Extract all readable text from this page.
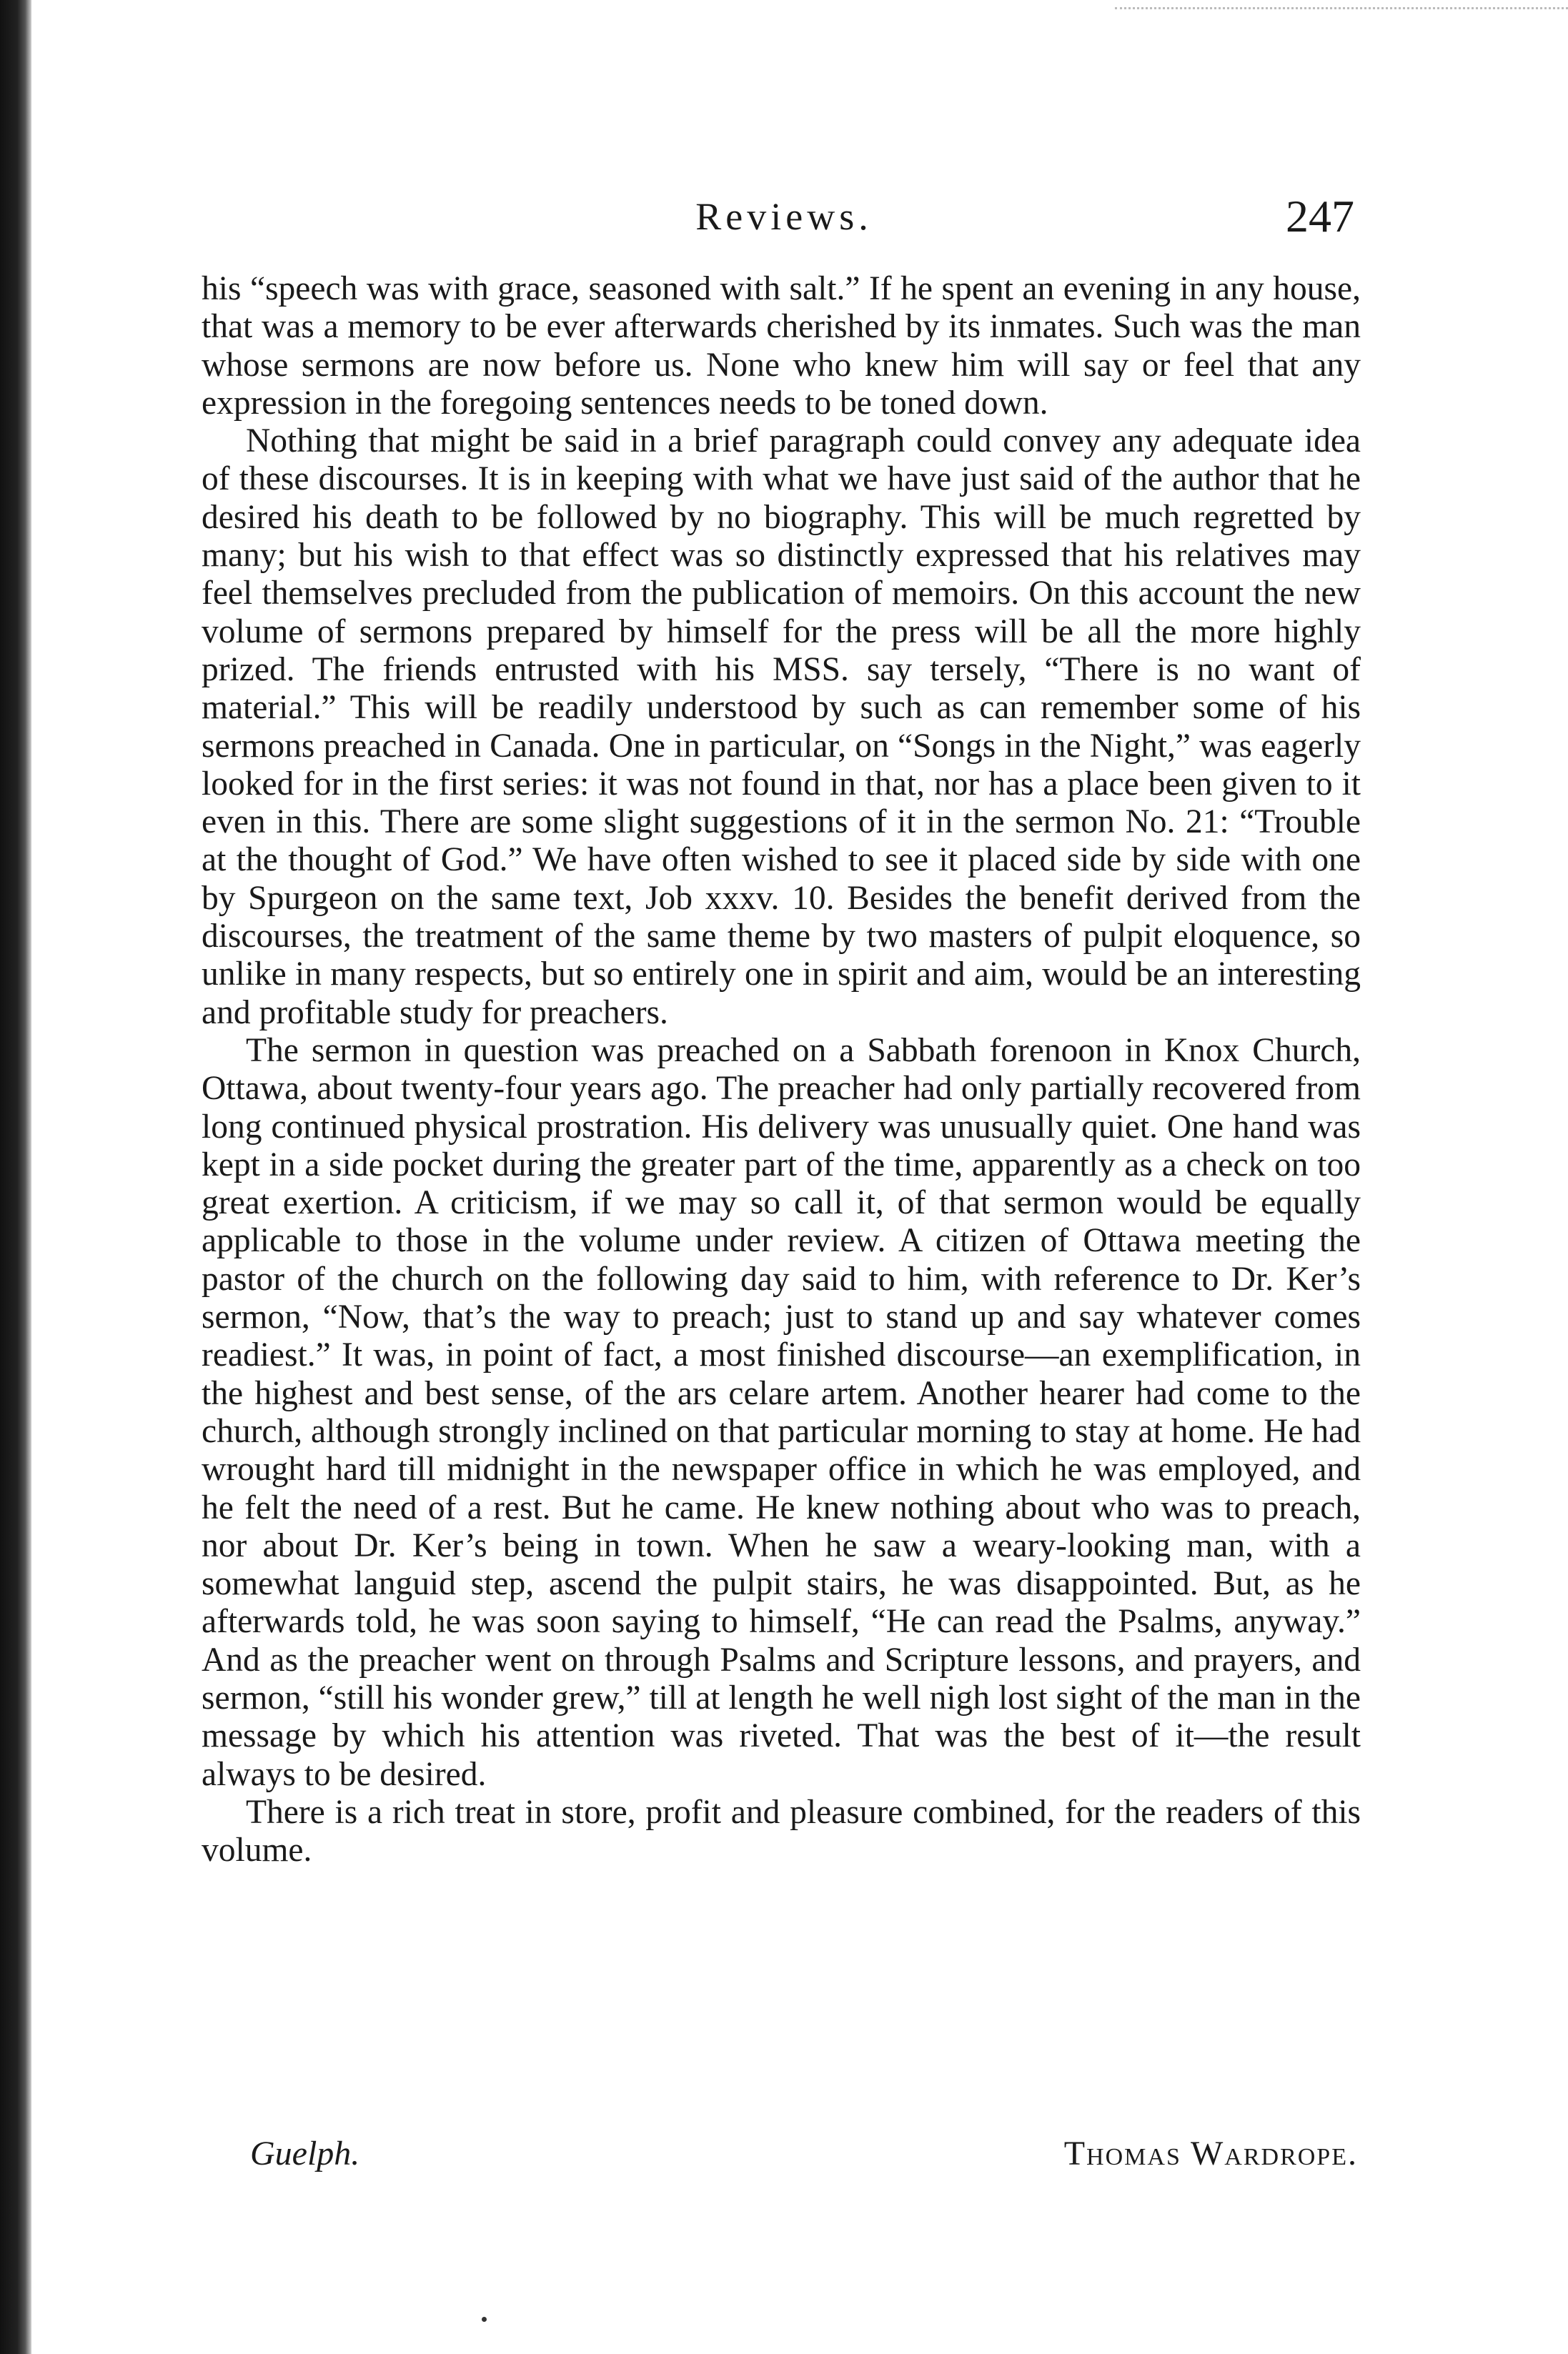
Reviews.	247

his “speech was with grace, seasoned with salt.” If he spent an evening in any house, that was a memory to be ever afterwards cherished by its inmates. Such was the man whose sermons are now before us. None who knew him will say or feel that any expression in the foregoing sentences needs to be toned down.

Nothing that might be said in a brief paragraph could convey any adequate idea of these discourses. It is in keeping with what we have just said of the author that he desired his death to be followed by no biography. This will be much regretted by many; but his wish to that effect was so distinctly expressed that his relatives may feel themselves precluded from the publication of memoirs. On this account the new volume of sermons prepared by himself for the press will be all the more highly prized. The friends entrusted with his MSS. say tersely, “There is no want of material.” This will be readily understood by such as can remember some of his sermons preached in Canada. One in particular, on “Songs in the Night,” was eagerly looked for in the first series: it was not found in that, nor has a place been given to it even in this. There are some slight suggestions of it in the sermon No. 21: “Trouble at the thought of God.” We have often wished to see it placed side by side with one by Spurgeon on the same text, Job xxxv. 10. Besides the benefit derived from the discourses, the treatment of the same theme by two masters of pulpit eloquence, so unlike in many respects, but so entirely one in spirit and aim, would be an interesting and profitable study for preachers.

The sermon in question was preached on a Sabbath forenoon in Knox Church, Ottawa, about twenty-four years ago. The preacher had only partially recovered from long continued physical prostration. His delivery was unusually quiet. One hand was kept in a side pocket during the greater part of the time, apparently as a check on too great exertion. A criticism, if we may so call it, of that sermon would be equally applicable to those in the volume under review. A citizen of Ottawa meeting the pastor of the church on the following day said to him, with reference to Dr. Ker’s sermon, “Now, that’s the way to preach; just to stand up and say whatever comes readiest.” It was, in point of fact, a most finished discourse—an exemplification, in the highest and best sense, of the ars celare artem. Another hearer had come to the church, although strongly inclined on that particular morning to stay at home. He had wrought hard till midnight in the newspaper office in which he was employed, and he felt the need of a rest. But he came. He knew nothing about who was to preach, nor about Dr. Ker’s being in town. When he saw a weary-looking man, with a somewhat languid step, ascend the pulpit stairs, he was disappointed. But, as he afterwards told, he was soon saying to himself, “He can read the Psalms, anyway.” And as the preacher went on through Psalms and Scripture lessons, and prayers, and sermon, “still his wonder grew,” till at length he well nigh lost sight of the man in the message by which his attention was riveted. That was the best of it—the result always to be desired.

There is a rich treat in store, profit and pleasure combined, for the readers of this volume.

Guelph.	Thomas Wardrope.
